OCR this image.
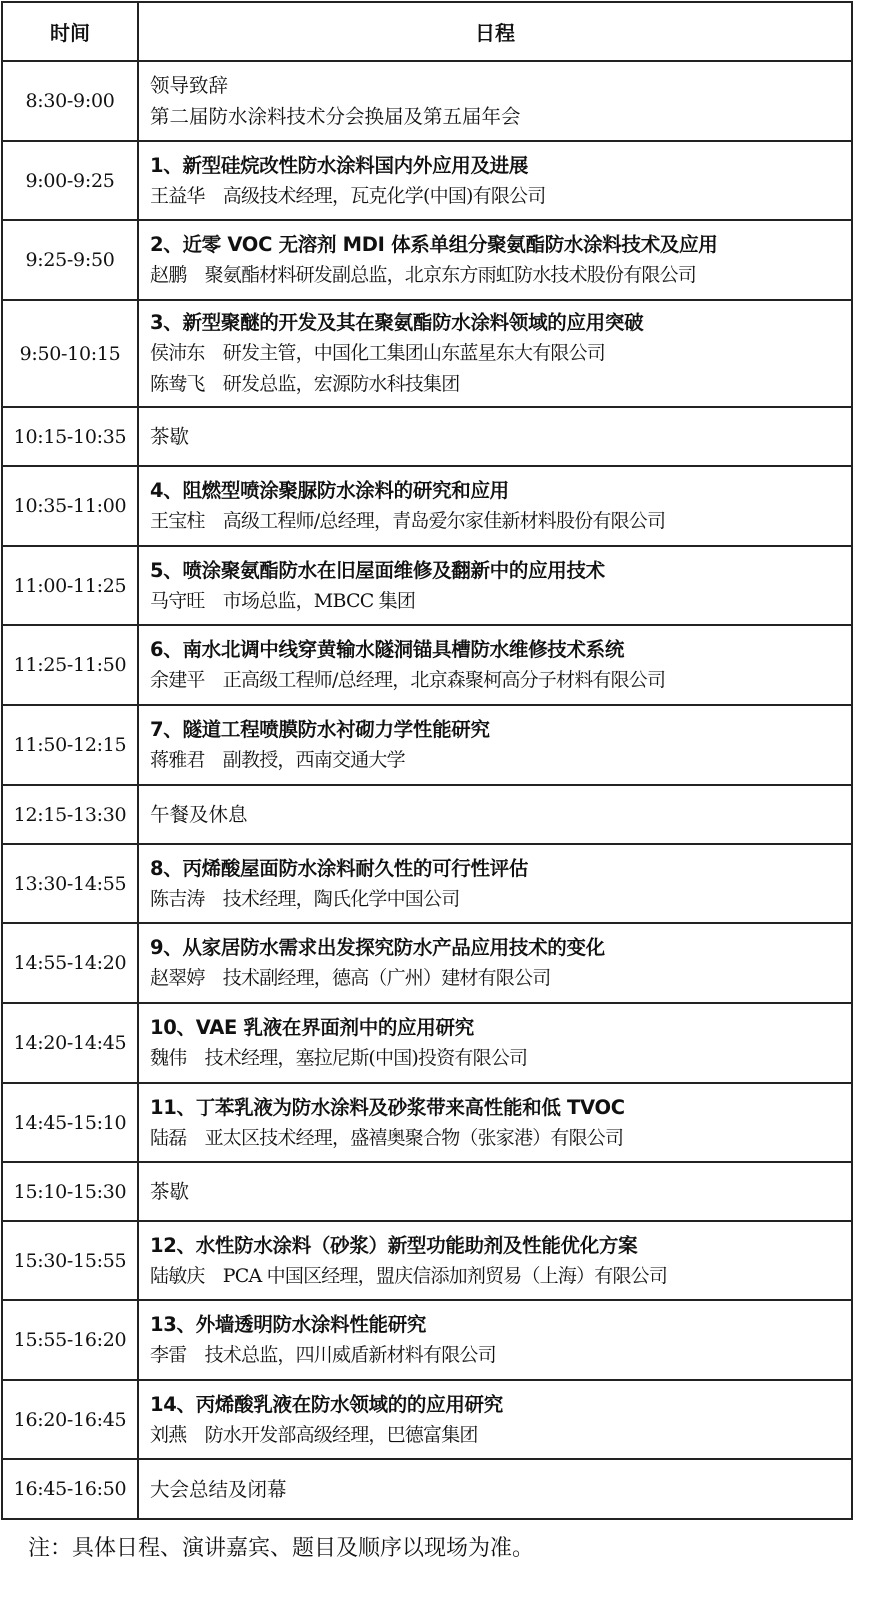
时间	日程
8:30-9:00	领导致辞
第二届防水涂料技术分会换届及第五届年会

9:00-9:25	1、新型硅烷改性防水涂料国内外应用及进展
王益华　高级技术经理，瓦克化学(中国)有限公司

9:25-9:50	2、近零 VOC 无溶剂 MDI 体系单组分聚氨酯防水涂料技术及应用
赵鹏　聚氨酯材料研发副总监，北京东方雨虹防水技术股份有限公司

9:50-10:15	3、新型聚醚的开发及其在聚氨酯防水涂料领域的应用突破
侯沛东　研发主管，中国化工集团山东蓝星东大有限公司
陈鸯飞　研发总监，宏源防水科技集团

10:15-10:35	茶歇

10:35-11:00	4、阻燃型喷涂聚脲防水涂料的研究和应用
王宝柱　高级工程师/总经理，青岛爱尔家佳新材料股份有限公司

11:00-11:25	5、喷涂聚氨酯防水在旧屋面维修及翻新中的应用技术
马守旺　市场总监，MBCC 集团

11:25-11:50	6、南水北调中线穿黄输水隧洞锚具槽防水维修技术系统
余建平　正高级工程师/总经理，北京森聚柯高分子材料有限公司

11:50-12:15	7、隧道工程喷膜防水衬砌力学性能研究
蒋雅君　副教授，西南交通大学

12:15-13:30	午餐及休息

13:30-14:55	8、丙烯酸屋面防水涂料耐久性的可行性评估
陈吉涛　技术经理，陶氏化学中国公司

14:55-14:20	9、从家居防水需求出发探究防水产品应用技术的变化
赵翠婷　技术副经理，德高（广州）建材有限公司

14:20-14:45	10、VAE 乳液在界面剂中的应用研究
魏伟　技术经理，塞拉尼斯(中国)投资有限公司

14:45-15:10	11、丁苯乳液为防水涂料及砂浆带来高性能和低 TVOC
陆磊　亚太区技术经理，盛禧奥聚合物（张家港）有限公司

15:10-15:30	茶歇

15:30-15:55	12、水性防水涂料（砂浆）新型功能助剂及性能优化方案
陆敏庆　PCA 中国区经理，盟庆信添加剂贸易（上海）有限公司

15:55-16:20	13、外墙透明防水涂料性能研究
李雷　技术总监，四川威盾新材料有限公司

16:20-16:45	14、丙烯酸乳液在防水领域的的应用研究
刘燕　防水开发部高级经理，巴德富集团

16:45-16:50	大会总结及闭幕
注：具体日程、演讲嘉宾、题目及顺序以现场为准。
